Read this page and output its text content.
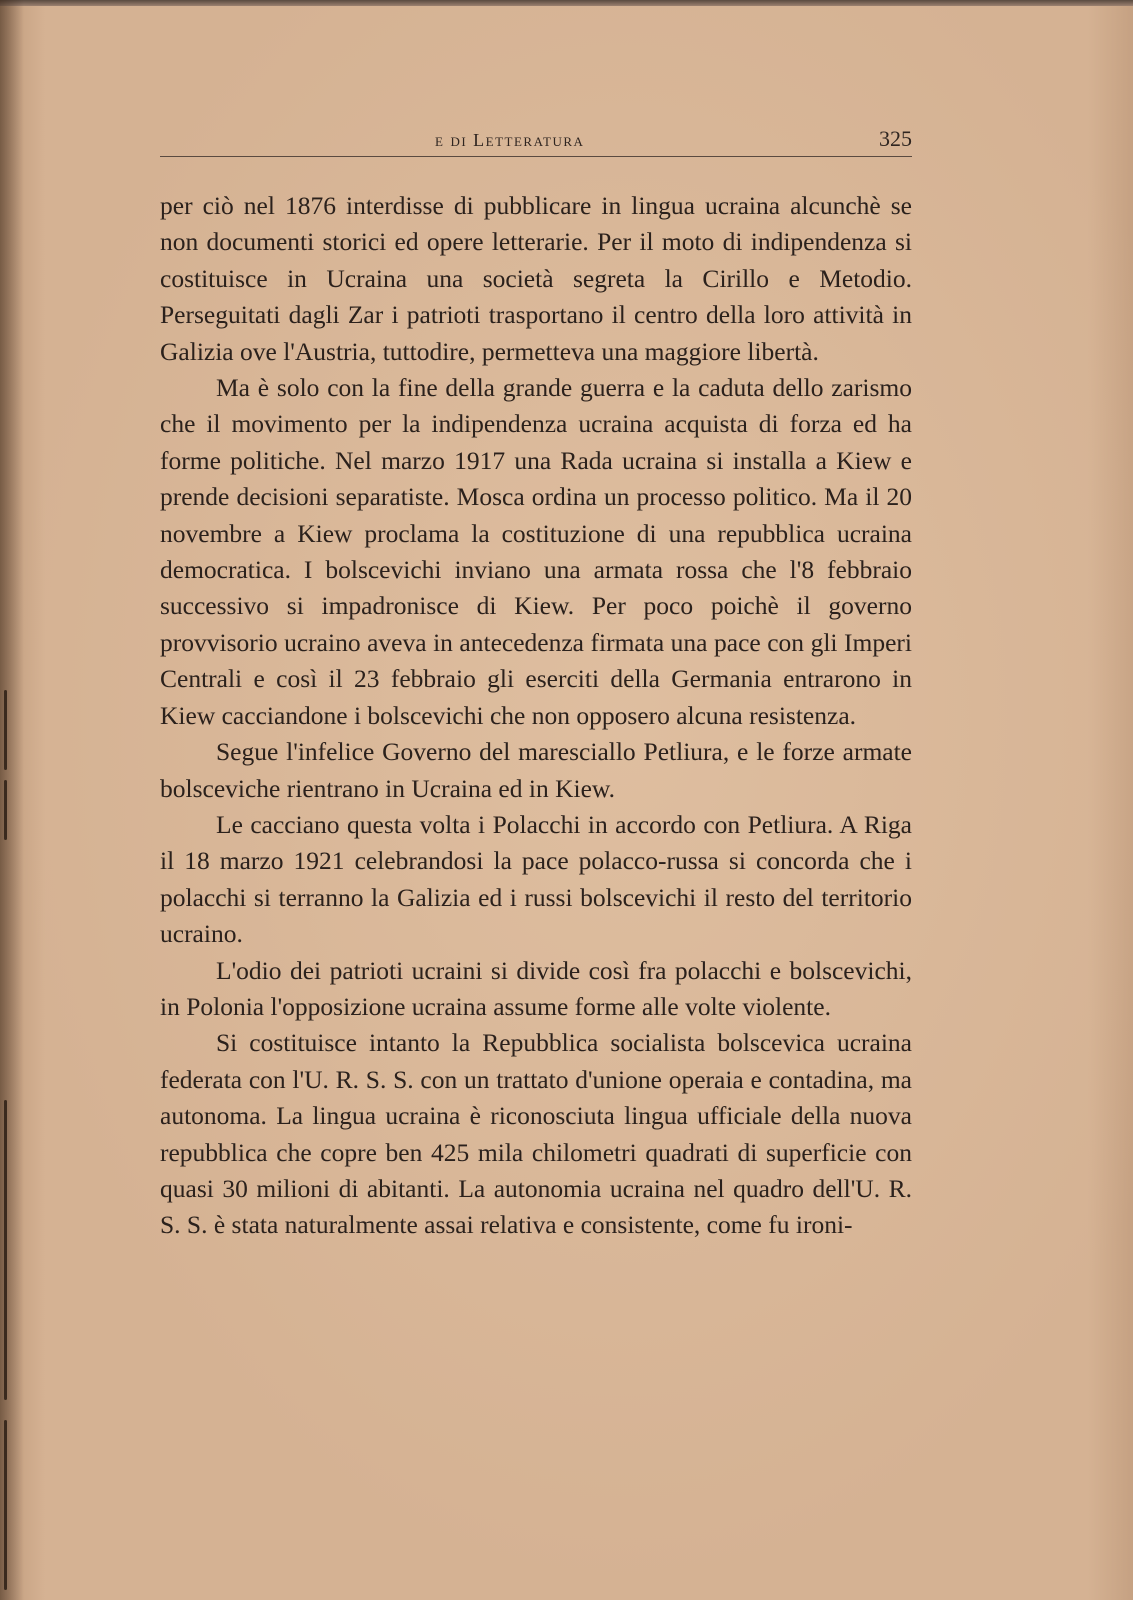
e di Letteratura	325

per ciò nel 1876 interdisse di pubblicare in lingua ucraina alcunchè se non documenti storici ed opere letterarie. Per il moto di indipendenza si costituisce in Ucraina una società segreta la Cirillo e Metodio. Perseguitati dagli Zar i patrioti trasportano il centro della loro attività in Galizia ove l'Austria, tuttodire, permetteva una maggiore libertà.

Ma è solo con la fine della grande guerra e la caduta dello zarismo che il movimento per la indipendenza ucraina acquista di forza ed ha forme politiche. Nel marzo 1917 una Rada ucraina si installa a Kiew e prende decisioni separatiste. Mosca ordina un processo politico. Ma il 20 novembre a Kiew proclama la costituzione di una repubblica ucraina democratica. I bolscevichi inviano una armata rossa che l'8 febbraio successivo si impadronisce di Kiew. Per poco poichè il governo provvisorio ucraino aveva in antecedenza firmata una pace con gli Imperi Centrali e così il 23 febbraio gli eserciti della Germania entrarono in Kiew cacciandone i bolscevichi che non opposero alcuna resistenza.

Segue l'infelice Governo del maresciallo Petliura, e le forze armate bolsceviche rientrano in Ucraina ed in Kiew.

Le cacciano questa volta i Polacchi in accordo con Petliura. A Riga il 18 marzo 1921 celebrandosi la pace polacco-russa si concorda che i polacchi si terranno la Galizia ed i russi bolscevichi il resto del territorio ucraino.

L'odio dei patrioti ucraini si divide così fra polacchi e bolscevichi, in Polonia l'opposizione ucraina assume forme alle volte violente.

Si costituisce intanto la Repubblica socialista bolscevica ucraina federata con l'U. R. S. S. con un trattato d'unione operaia e contadina, ma autonoma. La lingua ucraina è riconosciuta lingua ufficiale della nuova repubblica che copre ben 425 mila chilometri quadrati di superficie con quasi 30 milioni di abitanti. La autonomia ucraina nel quadro dell'U. R. S. S. è stata naturalmente assai relativa e consistente, come fu ironi-
